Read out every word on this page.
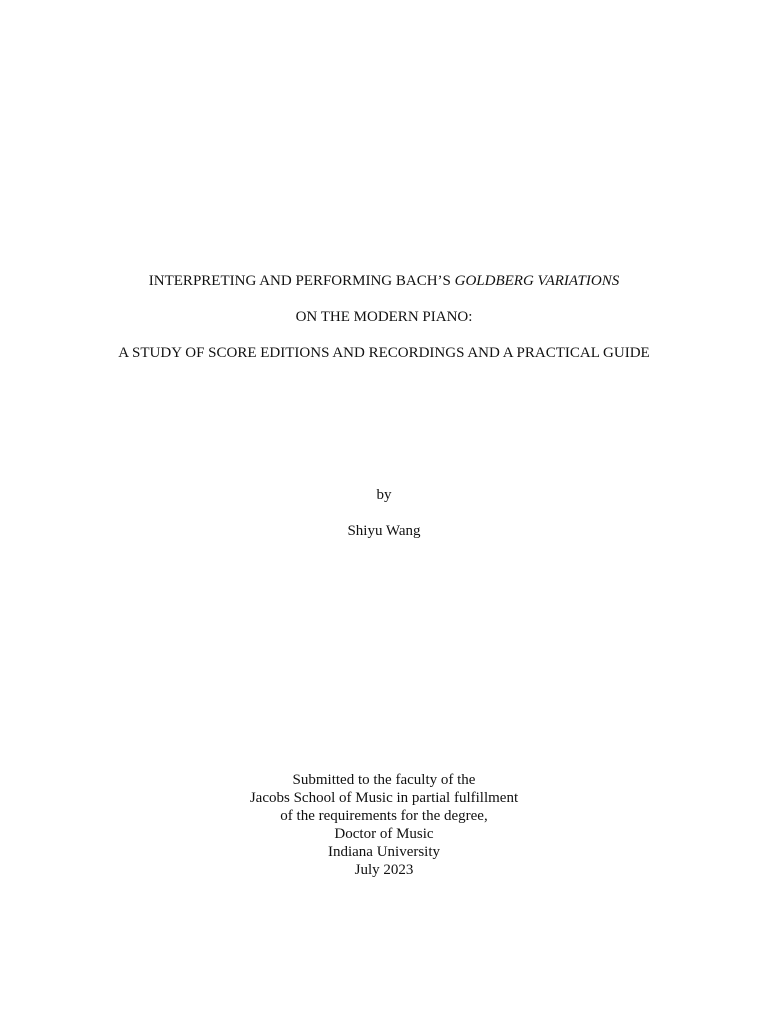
INTERPRETING AND PERFORMING BACH’S GOLDBERG VARIATIONS
ON THE MODERN PIANO:
A STUDY OF SCORE EDITIONS AND RECORDINGS AND A PRACTICAL GUIDE
by
Shiyu Wang
Submitted to the faculty of the
Jacobs School of Music in partial fulfillment
of the requirements for the degree,
Doctor of Music
Indiana University
July 2023
